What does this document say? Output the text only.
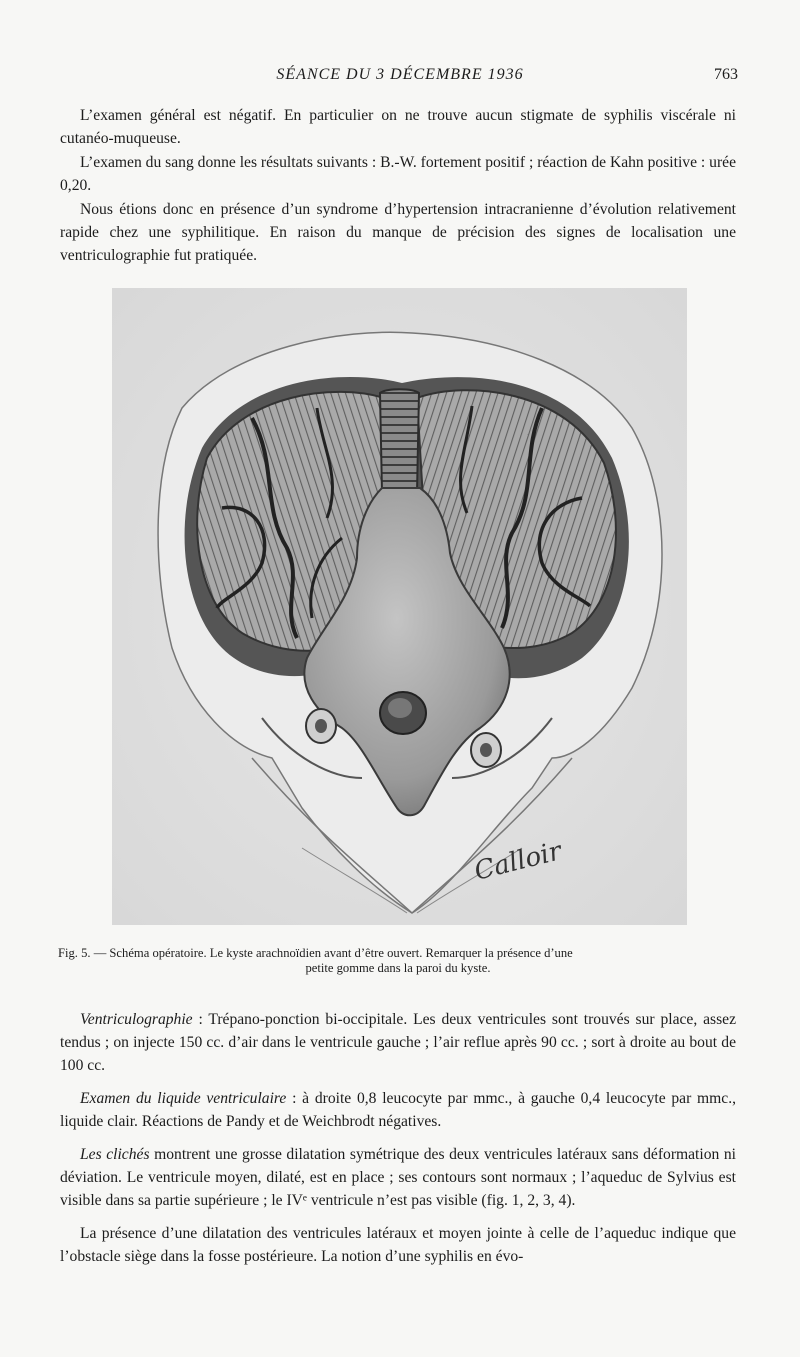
SÉANCE DU 3 DÉCEMBRE 1936	763

L’examen général est négatif. En particulier on ne trouve aucun stigmate de syphilis viscérale ni cutanéo-muqueuse.

L’examen du sang donne les résultats suivants : B.-W. fortement positif ; réaction de Kahn positive : urée 0,20.

Nous étions donc en présence d’un syndrome d’hypertension intracranienne d’évolution relativement rapide chez une syphilitique. En raison du manque de précision des signes de localisation une ventriculographie fut pratiquée.

Calloir
Fig. 5. — Schéma opératoire. Le kyste arachnoïdien avant d’être ouvert. Remarquer la présence d’une
petite gomme dans la paroi du kyste.

Ventriculographie : Trépano-ponction bi-occipitale. Les deux ventricules sont trouvés sur place, assez tendus ; on injecte 150 cc. d’air dans le ventricule gauche ; l’air reflue après 90 cc. ; sort à droite au bout de 100 cc.

Examen du liquide ventriculaire : à droite 0,8 leucocyte par mmc., à gauche 0,4 leucocyte par mmc., liquide clair. Réactions de Pandy et de Weichbrodt négatives.

Les clichés montrent une grosse dilatation symétrique des deux ventricules latéraux sans déformation ni déviation. Le ventricule moyen, dilaté, est en place ; ses contours sont normaux ; l’aqueduc de Sylvius est visible dans sa partie supérieure ; le IVᵉ ventricule n’est pas visible (fig. 1, 2, 3, 4).

La présence d’une dilatation des ventricules latéraux et moyen jointe à celle de l’aqueduc indique que l’obstacle siège dans la fosse postérieure. La notion d’une syphilis en évo-
